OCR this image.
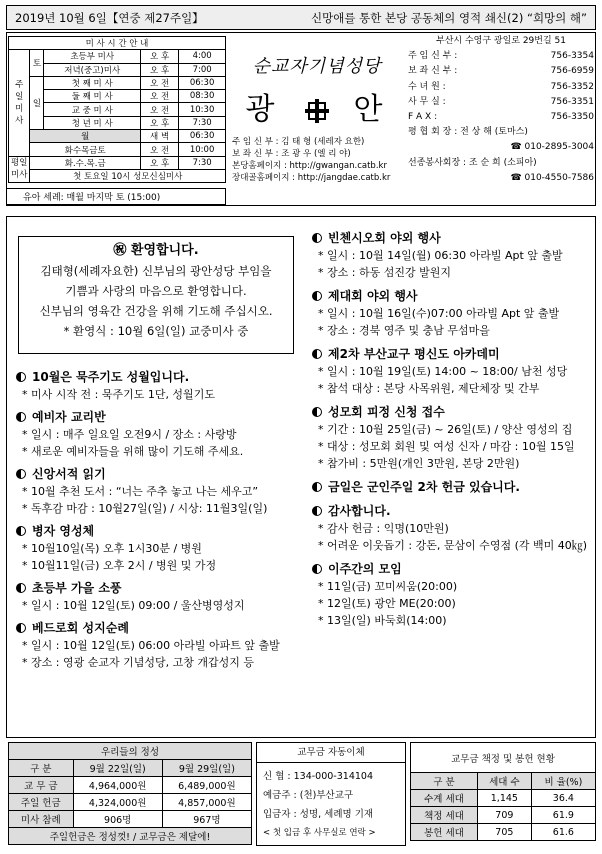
2019년 10월 6일【연중 제27주일】	신망애를 통한 본당 공동체의 영적 쇄신(2) “희망의 해”
미 사 시 간 안 내				
주
일
미
사	토	초등부 미사	오 후	4:00
		저녁(중고)미사	오 후	7:00
	일	첫 째 미 사	오 전	06:30
		둘 째 미 사	오 전	08:30
		교 중 미 사	오 전	10:30
		청 년 미 사	오 후	7:30
	월		새 벽	06:30
	화수목금토		오 전	10:00
평일
미사	화.수.목.금		오 후	7:30
	첫 토요일 10시 성모신심미사			
유아 세례: 매월 마지막 토 (15:00)
순교자기념성당
광 안
주 임 신 부 : 김 태 형 (세레자 요한)
보 좌 신 부 : 조 광 우 (엘 리 야)
본당홈페이지 : http://gwangan.catb.kr
장대골홈페이지 : http://jangdae.catb.kr
부산시 수영구 광일로 29번길 51
주 임 신 부 :	756-3354
보 좌 신 부 :	756-6959
수 녀 원 :	756-3352
사 무 실 :	756-3351
F A X :	756-3350
평 협 회 장 : 전 상 해 (토마스)
☎ 010-2895-3004
선종봉사회장 : 조 순 희 (소피아)
☎ 010-4550-7586
㊗ 환영합니다.
김태형(세례자요한) 신부님의 광안성당 부임을
기쁨과 사랑의 마음으로 환영합니다.
신부님의 영육간 건강을 위해 기도해 주십시오.
* 환영식 : 10월 6일(일) 교중미사 중
10월은 묵주기도 성월입니다.
* 미사 시작 전 : 묵주기도 1단, 성월기도
예비자 교리반
* 일시 : 매주 일요일 오전9시 / 장소 : 사랑방
* 새로운 예비자들을 위해 많이 기도해 주세요.
신앙서적 읽기
* 10월 추천 도서 : “너는 주추 놓고 나는 세우고”
* 독후감 마감 : 10월27일(일) / 시상: 11월3일(일)
병자 영성체
* 10월10일(목) 오후 1시30분 / 병원
* 10월11일(금) 오후 2시 / 병원 및 가정
초등부 가을 소풍
* 일시 : 10월 12일(토) 09:00 / 울산병영성지
베드로회 성지순례
* 일시 : 10월 12일(토) 06:00 아라빌 아파트 앞 출발
* 장소 : 영광 순교자 기념성당, 고창 개갑성지 등
빈첸시오회 야외 행사
* 일시 : 10월 14일(월) 06:30 아라빌 Apt 앞 출발
* 장소 : 하동 섬진강 발원지
제대회 야외 행사
* 일시 : 10월 16일(수)07:00 아라빌 Apt 앞 출발
* 장소 : 경북 영주 및 충남 무섬마을
제2차 부산교구 평신도 아카데미
* 일시 : 10월 19일(토) 14:00 ~ 18:00/ 남천 성당
* 참석 대상 : 본당 사목위원, 제단체장 및 간부
성모회 피정 신청 접수
* 기간 : 10월 25일(금) ~ 26일(토) / 양산 영성의 집
* 대상 : 성모회 회원 및 여성 신자 / 마감 : 10월 15일
* 참가비 : 5만원(개인 3만원, 본당 2만원)
금일은 군인주일 2차 헌금 있습니다.
감사합니다.
* 감사 헌금 : 익명(10만원)
* 어려운 이웃돕기 : 강돈, 문삼이 수영점 (각 백미 40㎏)
이주간의 모임
* 11일(금) 꼬미씨움(20:00)
* 12일(토) 광안 ME(20:00)
* 13일(일) 바둑회(14:00)
우리들의 정성		
구 분	9월 22일(일)	9월 29일(일)
교 무 금	4,964,000원	6,489,000원
주일 헌금	4,324,000원	4,857,000원
미사 참례	906명	967명
주일헌금은 정성껏! / 교무금은 제달에!		
교무금 자동이체
신 협 : 134-000-314104
예금주 : (천)부산교구
입금자 : 성명, 세례명 기재
< 첫 입금 후 사무실로 연락 >
교무금 책정 및 봉헌 현황		
구 분	세대 수	비 율(%)
수계 세대	1,145	36.4
책정 세대	709	61.9
봉헌 세대	705	61.6
